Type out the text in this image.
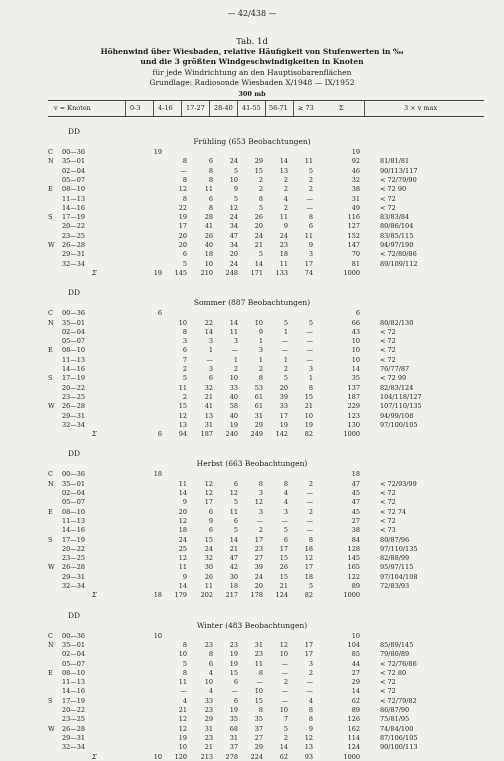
— 42/438 —
Tab. 1d
Höhenwind über Wiesbaden, relative Häufigkeit von Stufenwerten in ‰
und die 3 größten Windgeschwindigkeiten in Knoten
für jede Windrichtung an den Hauptisobarenflächen
Grundlage: Radiosonde Wiesbaden X/1948 — IX/1952
300 mb
v = Knoten	0-3	4-16 17-27 28-40 41-55 56-71 ≥ 73	Σ	3 × v max
DD
Frühling (653 Beobachtungen)
C 00—36	19	19
N 35—01	8	6	24	29	14	11	92	81/81/81
02—04	—	8	5	15	13	5	46	90/113/117
05—07	8	8	10	2	2	2	32	< 72/79/90
E 08—10	12	11	9	2	2	2	38	< 72 90
11—13	8	6	5	8	4	—	31	< 72
14—16	22	8	12	5	2	—	49	< 72
S 17—19	19	28	24	26	11	8	116	83/83/84
20—22	17	41	34	20	9	6	127	80/86/104
23—25	20	26	47	24	24	11	152	83/85/115
W 26—28	20	40	34	21	23	9	147	94/97/190
29—31	6	18	20	5	18	3	70	< 72/80/86
32—34	5	10	24	14	11	17	81	89/109/112
Σ	19	145	210	248	171	133	74	1000
DD
Sommer (887 Beobachtungen)
C 00—36	6	6
N 35—01	10	22	14	10	5	5	66	80/82/130
02—04	8	14	11	9	1	—	43	< 72
05—07	3	3	3	1	—	—	10	< 72
E 08—10	6	1	—	3	—	—	10	< 72
11—13	7	—	1	1	1	—	10	< 72
14—16	2	3	2	2	2	3	14	76/77/87
S 17—19	5	6	10	8	5	1	35	< 72 99
20—22	11	32	33	53	20	8	137	82/83/124
23—25	2	21	40	61	39	15	187	104/118/127
W 26—28	15	41	58	61	33	21	229	107/110/135
29—31	12	13	40	31	17	10	123	94/99/108
32—34	13	31	19	29	19	19	130	97/100/105
Σ	6	94	187	240	249	142	82	1000
DD
Herbst (663 Beobachtungen)
C 00—36	18	18
N 35—01	11	12	6	8	8	2	47	< 72/93/99
02—04	14	12	12	3	4	—	45	< 72
05—07	9	17	5	12	4	—	47	< 72
E 08—10	20	6	11	3	3	2	45	< 72 74
11—13	12	9	6	—	—	—	27	< 72
14—16	18	6	5	2	5	—	38	< 73
S 17—19	24	15	14	17	6	8	84	80/87/96
20—22	25	24	21	23	17	18	128	97/110/135
23—25	12	32	47	27	15	12	145	82/88/99
W 26—28	11	30	42	39	26	17	165	95/97/115
29—31	9	26	30	24	15	18	122	97/104/108
32—34	14	11	18	20	21	5	89	72/83/93
Σ	18	179	202	217	178	124	82	1000
DD
Winter (483 Beobachtungen)
C 00—36	10	10
N 35—01	8	23	23	31	12	17	104	85/89/145
02—04	10	8	19	23	10	17	85	79/80/89
05—07	5	6	19	11	—	3	44	< 72/76/86
E 08—10	8	4	15	8	—	2	27	< 72 80
11—13	11	10	6	—	2	—	29	< 72
14—16	—	4	—	10	—	—	14	< 72
S 17—19	4	33	6	15	—	4	62	< 72/79/82
20—22	21	23	19	8	10	8	89	86/87/90
23—25	12	29	35	35	7	8	126	75/81/95
W 26—28	12	31	68	37	5	9	162	74/84/100
29—31	19	23	31	27	2	12	114	87/106/105
32—34	10	21	37	29	14	13	124	90/100/113
Σ	10	120	213	278	224	62	93	1000
